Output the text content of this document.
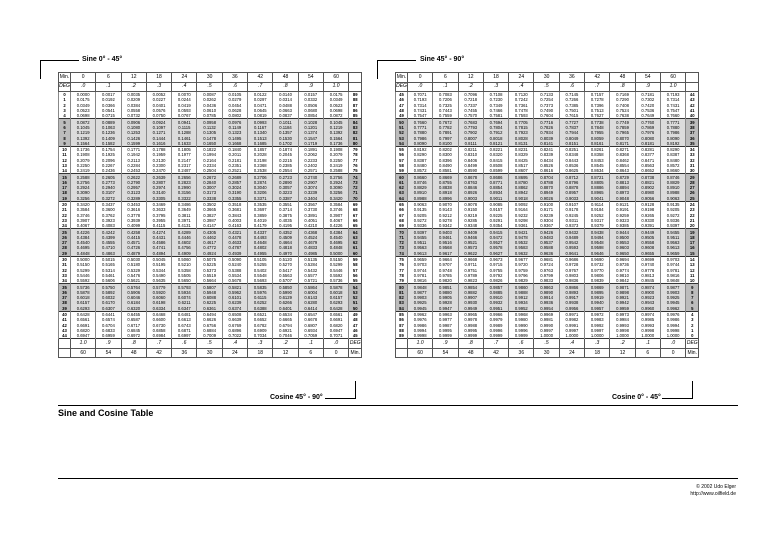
Sine 0° - 45°
Cosine 45° - 90°
Sine 45° - 90°
Cosine 0° - 45°
Min.	0	6	12	18	24	30	36	42	48	54	60	
DEG	.0	.1	.2	.3	.4	.5	.6	.7	.8	.9	1.0	
0	0.0000	0.0017	0.0035	0.0052	0.0070	0.0087	0.0105	0.0122	0.0140	0.0157	0.0175	89
1	0.0175	0.0192	0.0209	0.0227	0.0244	0.0262	0.0279	0.0297	0.0314	0.0332	0.0349	88
2	0.0349	0.0366	0.0384	0.0401	0.0419	0.0436	0.0454	0.0471	0.0488	0.0506	0.0523	87
3	0.0523	0.0541	0.0558	0.0576	0.0593	0.0610	0.0628	0.0645	0.0663	0.0680	0.0698	86
4	0.0698	0.0715	0.0732	0.0750	0.0767	0.0785	0.0802	0.0819	0.0837	0.0854	0.0872	85
5	0.0872	0.0889	0.0906	0.0924	0.0941	0.0958	0.0976	0.0993	0.1011	0.1028	0.1045	84
6	0.1045	0.1063	0.1080	0.1097	0.1115	0.1132	0.1149	0.1167	0.1184	0.1201	0.1219	83
7	0.1219	0.1236	0.1253	0.1271	0.1288	0.1305	0.1323	0.1340	0.1357	0.1374	0.1392	82
8	0.1392	0.1409	0.1426	0.1444	0.1461	0.1478	0.1495	0.1513	0.1530	0.1547	0.1564	81
9	0.1564	0.1582	0.1599	0.1616	0.1633	0.1650	0.1668	0.1685	0.1702	0.1719	0.1736	80
10	0.1736	0.1754	0.1771	0.1788	0.1805	0.1822	0.1840	0.1857	0.1874	0.1891	0.1908	79
11	0.1908	0.1925	0.1942	0.1959	0.1977	0.1994	0.2011	0.2028	0.2045	0.2062	0.2079	78
12	0.2079	0.2096	0.2113	0.2130	0.2147	0.2164	0.2181	0.2198	0.2215	0.2233	0.2250	77
13	0.2250	0.2267	0.2284	0.2300	0.2317	0.2334	0.2351	0.2368	0.2385	0.2402	0.2419	76
14	0.2419	0.2436	0.2453	0.2470	0.2487	0.2504	0.2521	0.2538	0.2554	0.2571	0.2588	75
15	0.2588	0.2605	0.2622	0.2639	0.2656	0.2672	0.2689	0.2706	0.2723	0.2740	0.2756	74
16	0.2756	0.2773	0.2790	0.2807	0.2823	0.2840	0.2857	0.2874	0.2890	0.2907	0.2924	73
17	0.2924	0.2940	0.2957	0.2974	0.2990	0.3007	0.3024	0.3040	0.3057	0.3074	0.3090	72
18	0.3090	0.3107	0.3123	0.3140	0.3156	0.3173	0.3190	0.3206	0.3223	0.3239	0.3256	71
19	0.3256	0.3272	0.3289	0.3305	0.3322	0.3338	0.3355	0.3371	0.3387	0.3404	0.3420	70
20	0.3420	0.3437	0.3453	0.3469	0.3486	0.3502	0.3518	0.3535	0.3551	0.3567	0.3584	69
21	0.3584	0.3600	0.3616	0.3633	0.3649	0.3665	0.3681	0.3697	0.3714	0.3730	0.3746	68
22	0.3746	0.3762	0.3778	0.3795	0.3811	0.3827	0.3843	0.3859	0.3875	0.3891	0.3907	67
23	0.3907	0.3923	0.3939	0.3955	0.3971	0.3987	0.4003	0.4019	0.4035	0.4051	0.4067	66
24	0.4067	0.4083	0.4099	0.4115	0.4131	0.4147	0.4163	0.4179	0.4195	0.4210	0.4226	65
25	0.4226	0.4242	0.4258	0.4274	0.4289	0.4305	0.4321	0.4337	0.4352	0.4368	0.4384	64
26	0.4384	0.4399	0.4415	0.4431	0.4446	0.4462	0.4478	0.4493	0.4509	0.4524	0.4540	63
27	0.4540	0.4555	0.4571	0.4586	0.4602	0.4617	0.4633	0.4648	0.4664	0.4679	0.4695	62
28	0.4695	0.4710	0.4726	0.4741	0.4756	0.4772	0.4787	0.4802	0.4818	0.4833	0.4848	61
29	0.4848	0.4863	0.4879	0.4894	0.4909	0.4924	0.4939	0.4955	0.4970	0.4985	0.5000	60
30	0.5000	0.5015	0.5030	0.5045	0.5060	0.5075	0.5090	0.5105	0.5120	0.5135	0.5150	59
31	0.5150	0.5165	0.5180	0.5195	0.5210	0.5225	0.5240	0.5255	0.5270	0.5284	0.5299	58
32	0.5299	0.5314	0.5329	0.5344	0.5358	0.5373	0.5388	0.5402	0.5417	0.5432	0.5446	57
33	0.5446	0.5461	0.5476	0.5490	0.5505	0.5519	0.5534	0.5548	0.5563	0.5577	0.5592	56
34	0.5592	0.5606	0.5621	0.5635	0.5650	0.5664	0.5678	0.5693	0.5707	0.5721	0.5736	55
35	0.5736	0.5750	0.5764	0.5779	0.5793	0.5807	0.5821	0.5835	0.5850	0.5864	0.5878	54
36	0.5878	0.5892	0.5906	0.5920	0.5934	0.5948	0.5962	0.5976	0.5990	0.6004	0.6018	53
37	0.6018	0.6032	0.6046	0.6060	0.6074	0.6088	0.6101	0.6115	0.6129	0.6143	0.6157	52
38	0.6157	0.6170	0.6184	0.6198	0.6211	0.6225	0.6239	0.6252	0.6266	0.6280	0.6293	51
39	0.6293	0.6307	0.6320	0.6334	0.6347	0.6361	0.6374	0.6388	0.6401	0.6414	0.6428	50
40	0.6428	0.6441	0.6455	0.6468	0.6481	0.6494	0.6508	0.6521	0.6534	0.6547	0.6561	49
41	0.6561	0.6574	0.6587	0.6600	0.6613	0.6626	0.6639	0.6652	0.6665	0.6678	0.6691	48
42	0.6691	0.6704	0.6717	0.6730	0.6743	0.6756	0.6769	0.6782	0.6794	0.6807	0.6820	47
43	0.6820	0.6833	0.6845	0.6858	0.6871	0.6884	0.6896	0.6909	0.6921	0.6934	0.6947	46
44	0.6947	0.6959	0.6972	0.6984	0.6997	0.7009	0.7022	0.7034	0.7046	0.7059	0.7071	45
	1.0	.9	.8	.7	.6	.5	.4	.3	.2	.1	.0	DEG
	60	54	48	42	36	30	24	18	12	6	0	Min.
Min.	0	6	12	18	24	30	36	42	48	54	60	
DEG	.0	.1	.2	.3	.4	.5	.6	.7	.8	.9	1.0	
45	0.7071	0.7083	0.7096	0.7108	0.7120	0.7133	0.7145	0.7157	0.7169	0.7181	0.7193	44
46	0.7193	0.7206	0.7218	0.7230	0.7242	0.7254	0.7266	0.7278	0.7290	0.7302	0.7314	43
47	0.7314	0.7325	0.7337	0.7349	0.7361	0.7373	0.7385	0.7396	0.7408	0.7420	0.7431	42
48	0.7431	0.7443	0.7455	0.7466	0.7478	0.7490	0.7501	0.7513	0.7524	0.7536	0.7547	41
49	0.7547	0.7559	0.7570	0.7581	0.7593	0.7604	0.7615	0.7627	0.7638	0.7649	0.7660	40
50	0.7660	0.7672	0.7683	0.7694	0.7705	0.7716	0.7727	0.7738	0.7749	0.7760	0.7771	39
51	0.7771	0.7782	0.7793	0.7804	0.7815	0.7826	0.7837	0.7848	0.7859	0.7869	0.7880	38
52	0.7880	0.7891	0.7902	0.7912	0.7923	0.7934	0.7944	0.7955	0.7965	0.7976	0.7986	37
53	0.7986	0.7997	0.8007	0.8018	0.8028	0.8039	0.8049	0.8059	0.8070	0.8080	0.8090	36
54	0.8090	0.8100	0.8111	0.8121	0.8131	0.8141	0.8151	0.8161	0.8171	0.8181	0.8192	35
55	0.8192	0.8202	0.8211	0.8221	0.8231	0.8241	0.8251	0.8261	0.8271	0.8281	0.8290	34
56	0.8290	0.8300	0.8310	0.8320	0.8329	0.8339	0.8348	0.8358	0.8368	0.8377	0.8387	33
57	0.8387	0.8396	0.8406	0.8415	0.8425	0.8434	0.8443	0.8453	0.8462	0.8471	0.8480	32
58	0.8480	0.8490	0.8499	0.8508	0.8517	0.8526	0.8536	0.8545	0.8554	0.8563	0.8572	31
59	0.8572	0.8581	0.8590	0.8599	0.8607	0.8616	0.8625	0.8634	0.8643	0.8652	0.8660	30
60	0.8660	0.8669	0.8678	0.8686	0.8695	0.8704	0.8712	0.8721	0.8729	0.8738	0.8746	29
61	0.8746	0.8755	0.8763	0.8771	0.8780	0.8788	0.8796	0.8805	0.8813	0.8821	0.8829	28
62	0.8829	0.8838	0.8846	0.8854	0.8862	0.8870	0.8878	0.8886	0.8894	0.8902	0.8910	27
63	0.8910	0.8918	0.8926	0.8934	0.8942	0.8949	0.8957	0.8965	0.8973	0.8980	0.8988	26
64	0.8988	0.8996	0.9003	0.9011	0.9018	0.9026	0.9033	0.9041	0.9048	0.9056	0.9063	25
65	0.9063	0.9070	0.9078	0.9085	0.9092	0.9100	0.9107	0.9114	0.9121	0.9128	0.9135	24
66	0.9135	0.9143	0.9150	0.9157	0.9164	0.9171	0.9178	0.9184	0.9191	0.9198	0.9205	23
67	0.9205	0.9212	0.9219	0.9225	0.9232	0.9239	0.9245	0.9252	0.9259	0.9265	0.9272	22
68	0.9272	0.9278	0.9285	0.9291	0.9298	0.9304	0.9311	0.9317	0.9323	0.9330	0.9336	21
69	0.9336	0.9342	0.9348	0.9354	0.9361	0.9367	0.9373	0.9379	0.9385	0.9391	0.9397	20
70	0.9397	0.9403	0.9409	0.9415	0.9421	0.9426	0.9432	0.9438	0.9444	0.9449	0.9455	19
71	0.9455	0.9461	0.9466	0.9472	0.9478	0.9483	0.9489	0.9494	0.9500	0.9505	0.9511	18
72	0.9511	0.9516	0.9521	0.9527	0.9532	0.9537	0.9542	0.9548	0.9553	0.9558	0.9563	17
73	0.9563	0.9568	0.9573	0.9578	0.9583	0.9588	0.9593	0.9598	0.9603	0.9608	0.9613	16
74	0.9613	0.9617	0.9622	0.9627	0.9632	0.9636	0.9641	0.9646	0.9650	0.9655	0.9659	15
75	0.9659	0.9664	0.9668	0.9673	0.9677	0.9681	0.9686	0.9690	0.9694	0.9699	0.9703	14
76	0.9703	0.9707	0.9711	0.9715	0.9720	0.9724	0.9728	0.9732	0.9736	0.9740	0.9744	13
77	0.9744	0.9748	0.9751	0.9755	0.9759	0.9763	0.9767	0.9770	0.9774	0.9778	0.9781	12
78	0.9781	0.9785	0.9789	0.9792	0.9796	0.9799	0.9803	0.9806	0.9810	0.9813	0.9816	11
79	0.9816	0.9820	0.9823	0.9826	0.9829	0.9833	0.9836	0.9839	0.9842	0.9845	0.9848	10
80	0.9848	0.9851	0.9854	0.9857	0.9860	0.9863	0.9866	0.9869	0.9871	0.9874	0.9877	9
81	0.9877	0.9880	0.9882	0.9885	0.9888	0.9890	0.9893	0.9895	0.9898	0.9900	0.9903	8
82	0.9903	0.9905	0.9907	0.9910	0.9912	0.9914	0.9917	0.9919	0.9921	0.9923	0.9925	7
83	0.9925	0.9928	0.9930	0.9932	0.9934	0.9936	0.9938	0.9940	0.9942	0.9943	0.9945	6
84	0.9945	0.9947	0.9949	0.9951	0.9952	0.9954	0.9956	0.9957	0.9959	0.9960	0.9962	5
85	0.9962	0.9963	0.9965	0.9966	0.9968	0.9969	0.9971	0.9972	0.9973	0.9974	0.9976	4
86	0.9976	0.9977	0.9978	0.9979	0.9980	0.9981	0.9982	0.9983	0.9984	0.9985	0.9986	3
87	0.9986	0.9987	0.9988	0.9989	0.9990	0.9990	0.9991	0.9992	0.9993	0.9993	0.9994	2
88	0.9994	0.9995	0.9995	0.9996	0.9996	0.9997	0.9997	0.9997	0.9998	0.9998	0.9998	1
89	0.9998	0.9999	0.9999	0.9999	0.9999	1.0000	1.0000	1.0000	1.0000	1.0000	1.0000	0
	1.0	.9	.8	.7	.6	.5	.4	.3	.2	.1	.0	DEG
	60	54	48	42	36	30	24	18	12	6	0	Min.
Sine and Cosine Table
© 2002 Udo Elger
http://www.oilfield.de
